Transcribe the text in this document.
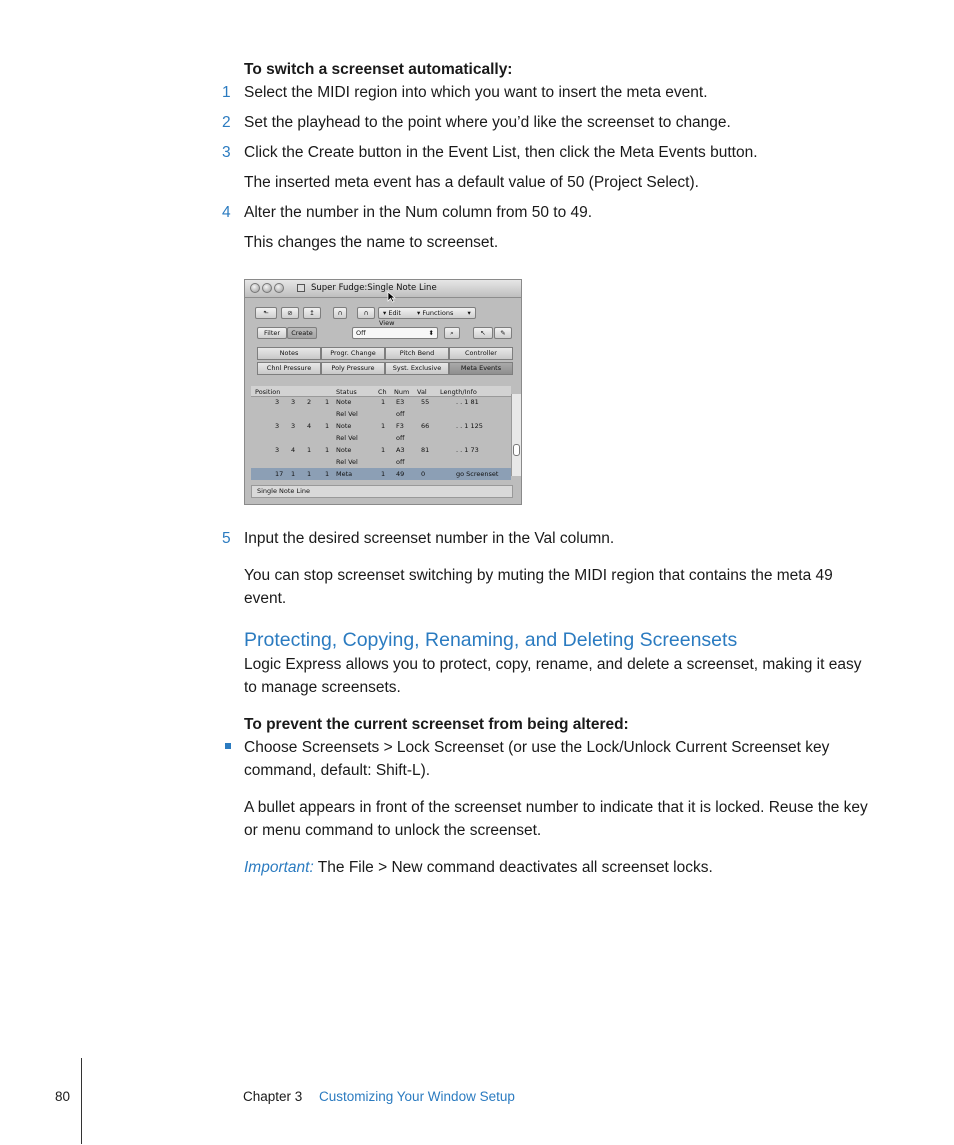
To switch a screenset automatically:
1 Select the MIDI region into which you want to insert the meta event.
2 Set the playhead to the point where you’d like the screenset to change.
3 Click the Create button in the Event List, then click the Meta Events button.
The inserted meta event has a default value of 50 (Project Select).
4 Alter the number in the Num column from 50 to 49.
This changes the name to screenset.
Super Fudge:Single Note Line
⬑	⊘	↥	∩	∩	▾ Edit ▾ Functions ▾ View
Filter	Create	Off	⬍	⌕	↖	✎
Notes	Progr. Change	Pitch Bend	Controller
Chnl Pressure	Poly Pressure	Syst. Exclusive	Meta Events
Position	Status	Ch Num Val Length/Info
3 3 2 1 Note	1 E3	55	. . 1 81
Rel Vel	off
3 3 4 1 Note	1 F3	66	. . 1 125
Rel Vel	off
3 4 1 1 Note	1 A3	81	. . 1 73
Rel Vel	off
17 1 1 1 Meta	1 49	0	go Screenset
Single Note Line
5 Input the desired screenset number in the Val column.
You can stop screenset switching by muting the MIDI region that contains the meta 49 event.
Protecting, Copying, Renaming, and Deleting Screensets
Logic Express allows you to protect, copy, rename, and delete a screenset, making it easy to manage screensets.
To prevent the current screenset from being altered:
Choose Screensets > Lock Screenset (or use the Lock/Unlock Current Screenset key command, default: Shift-L).
A bullet appears in front of the screenset number to indicate that it is locked. Reuse the key or menu command to unlock the screenset.
Important: The File > New command deactivates all screenset locks.
80	Chapter 3 Customizing Your Window Setup
